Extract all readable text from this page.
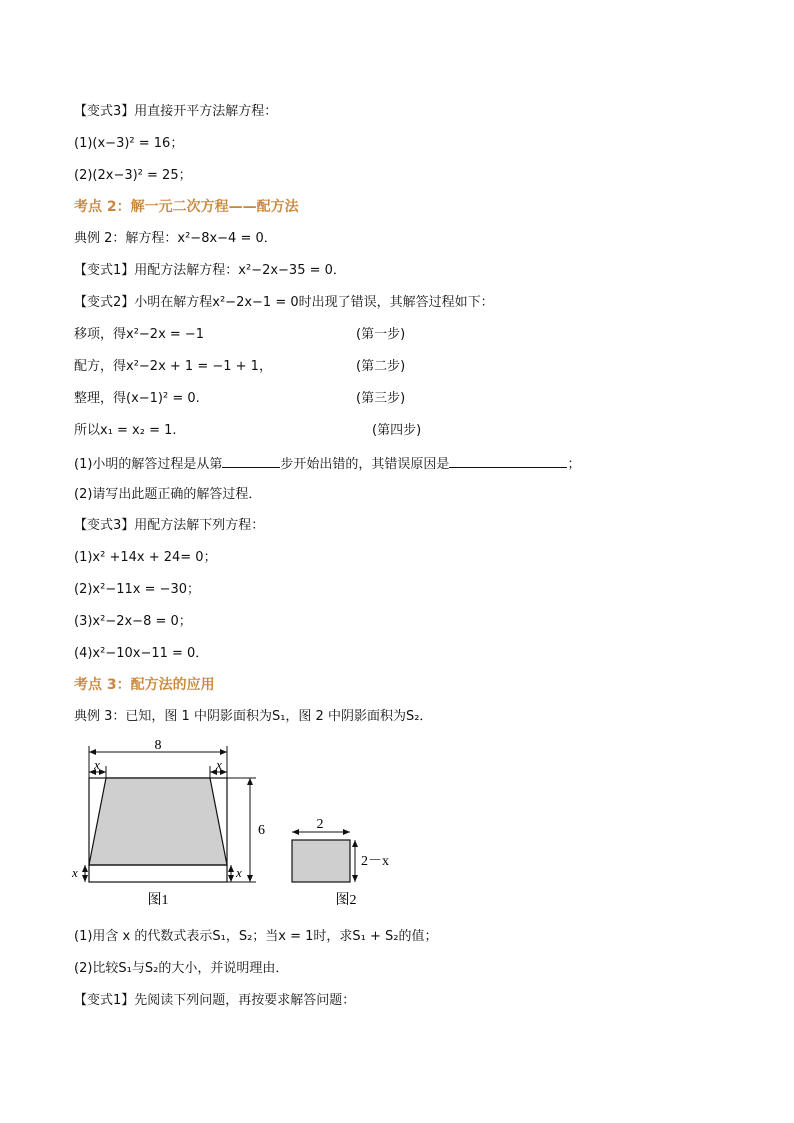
【变式3】用直接开平方法解方程：
(1)(x−3)² = 16；
(2)(2x−3)² = 25；
考点 2：解一元二次方程——配方法
典例 2：解方程：x²−8x−4 = 0．
【变式1】用配方法解方程：x²−2x−35 = 0．
【变式2】小明在解方程x²−2x−1 = 0时出现了错误，其解答过程如下：
移项，得x²−2x = −1	(第一步)
配方，得x²−2x + 1 = −1 + 1，	(第二步)
整理，得(x−1)² = 0.	(第三步)
所以x₁ = x₂ = 1.	(第四步)
(1)小明的解答过程是从第	步开始出错的，其错误原因是	；
(2)请写出此题正确的解答过程．
【变式3】用配方法解下列方程：
(1)x² +14x + 24= 0；
(2)x²−11x = −30；
(3)x²−2x−8 = 0；
(4)x²−10x−11 = 0．
考点 3：配方法的应用
典例 3：已知，图 1 中阴影面积为S₁，图 2 中阴影面积为S₂．
8
x	x
6
x	x
图1
2
2－x
图2
(1)用含 x 的代数式表示S₁，S₂；当x = 1时，求S₁ + S₂的值；
(2)比较S₁与S₂的大小，并说明理由．
【变式1】先阅读下列问题，再按要求解答问题：
